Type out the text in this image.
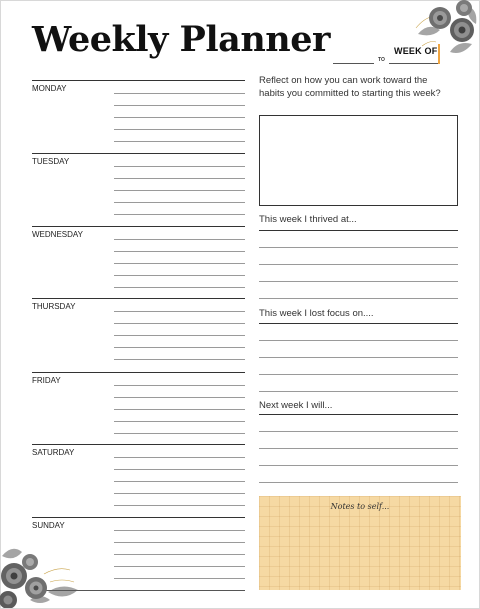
Weekly Planner	TO
WEEK OF
MONDAY
TUESDAY
WEDNESDAY
THURSDAY
FRIDAY
SATURDAY
SUNDAY

Reflect on how you can work toward the habits you committed to starting this week?

This week I thrived at...
This week I lost focus on....
Next week I will...
Notes to self...
